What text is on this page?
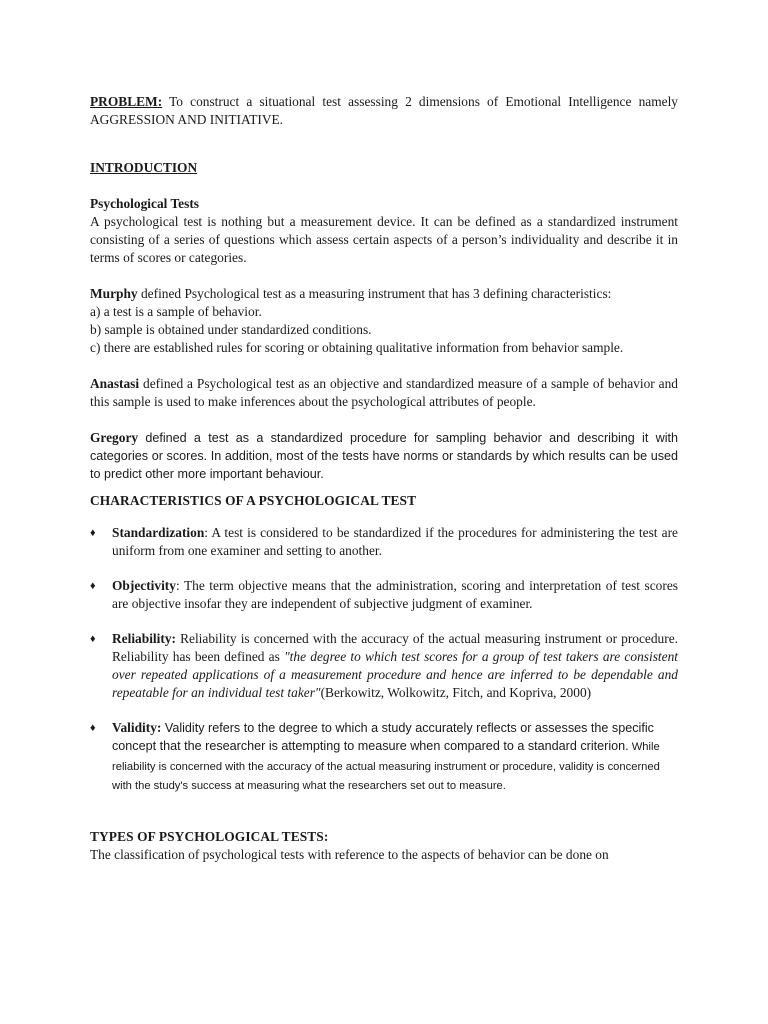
PROBLEM: To construct a situational test assessing 2 dimensions of Emotional Intelligence namely AGGRESSION AND INITIATIVE.

INTRODUCTION

Psychological Tests

A psychological test is nothing but a measurement device. It can be defined as a standardized instrument consisting of a series of questions which assess certain aspects of a person’s individuality and describe it in terms of scores or categories.

Murphy defined Psychological test as a measuring instrument that has 3 defining characteristics:

a) a test is a sample of behavior.

b) sample is obtained under standardized conditions.

c) there are established rules for scoring or obtaining qualitative information from behavior sample.

Anastasi defined a Psychological test as an objective and standardized measure of a sample of behavior and this sample is used to make inferences about the psychological attributes of people.

Gregory defined a test as a standardized procedure for sampling behavior and describing it with categories or scores. In addition, most of the tests have norms or standards by which results can be used to predict other more important behaviour.

CHARACTERISTICS OF A PSYCHOLOGICAL TEST

♦ Standardization: A test is considered to be standardized if the procedures for administering the test are uniform from one examiner and setting to another.
♦ Objectivity: The term objective means that the administration, scoring and interpretation of test scores are objective insofar they are independent of subjective judgment of examiner.
♦ Reliability: Reliability is concerned with the accuracy of the actual measuring instrument or procedure. Reliability has been defined as "the degree to which test scores for a group of test takers are consistent over repeated applications of a measurement procedure and hence are inferred to be dependable and repeatable for an individual test taker"(Berkowitz, Wolkowitz, Fitch, and Kopriva, 2000)
♦ Validity: Validity refers to the degree to which a study accurately reflects or assesses the specific concept that the researcher is attempting to measure when compared to a standard criterion. While reliability is concerned with the accuracy of the actual measuring instrument or procedure, validity is concerned with the study's success at measuring what the researchers set out to measure.

TYPES OF PSYCHOLOGICAL TESTS:

The classification of psychological tests with reference to the aspects of behavior can be done on
